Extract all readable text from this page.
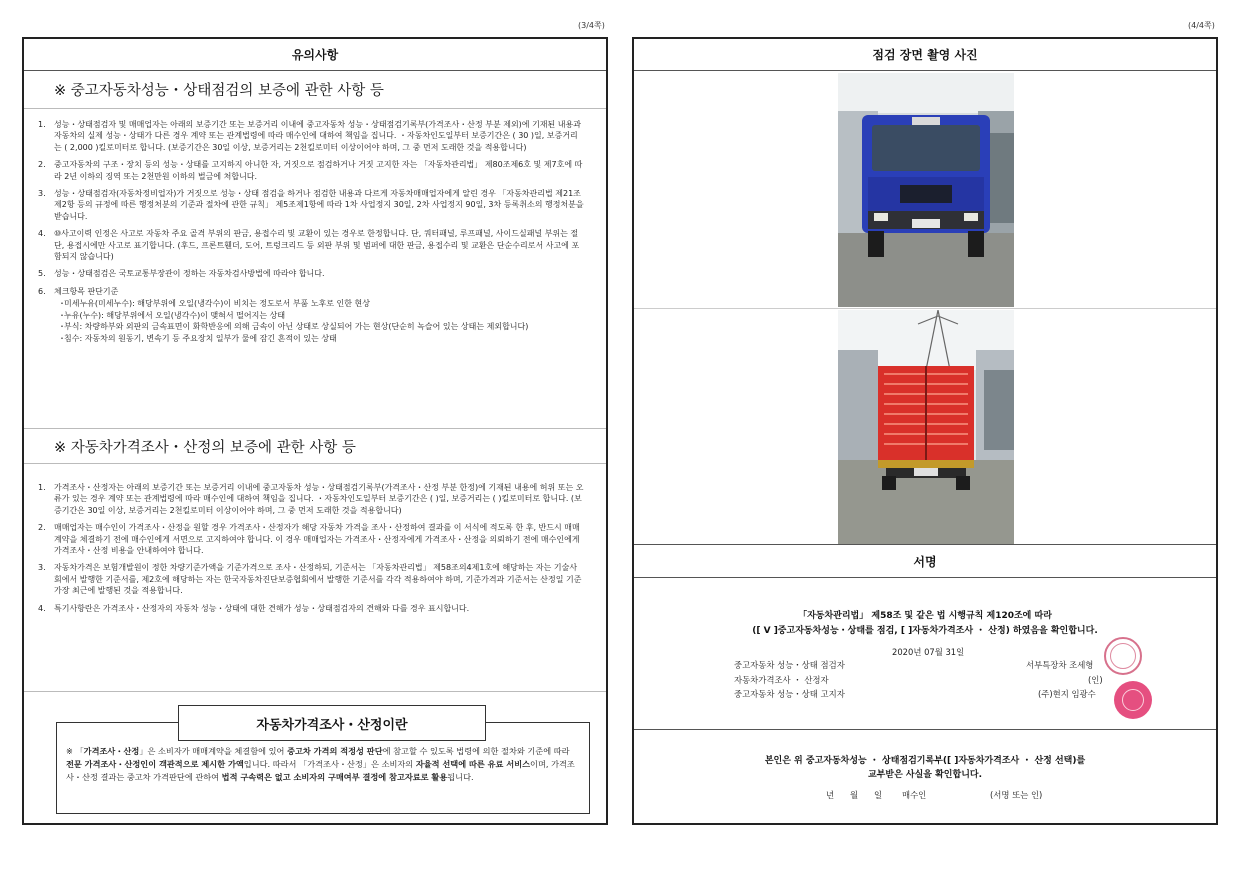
(3/4쪽)	(4/4쪽)
유의사항
※ 중고자동차성능・상태점검의 보증에 관한 사항 등
1.	성능・상태점검자 및 매매업자는 아래의 보증기간 또는 보증거리 이내에 중고자동차 성능・상태점검기록부(가격조사・산정 부분 제외)에 기재된 내용과 자동차의 실제 성능・상태가 다른 경우 계약 또는 관계법령에 따라 매수인에 대하여 책임을 집니다. ・자동차인도일부터 보증기간은 ( 30 )일, 보증거리는 ( 2,000 )킬로미터로 합니다. (보증기간은 30일 이상, 보증거리는 2천킬로미터 이상이어야 하며, 그 중 먼저 도래한 것을 적용합니다)
2.	중고자동차의 구조・장치 등의 성능・상태를 고지하지 아니한 자, 거짓으로 점검하거나 거짓 고지한 자는 「자동차관리법」 제80조제6호 및 제7호에 따라 2년 이하의 징역 또는 2천만원 이하의 벌금에 처합니다.
3.	성능・상태점검자(자동차정비업자)가 거짓으로 성능・상태 점검을 하거나 점검한 내용과 다르게 자동차매매업자에게 알린 경우 「자동차관리법 제21조제2항 등의 규정에 따른 행정처분의 기준과 절차에 관한 규칙」 제5조제1항에 따라 1차 사업정지 30일, 2차 사업정지 90일, 3차 등록취소의 행정처분을 받습니다.
4.	⑩사고이력 인정은 사고로 자동차 주요 골격 부위의 판금, 용접수리 및 교환이 있는 경우로 한정합니다. 단, 쿼터패널, 루프패널, 사이드실패널 부위는 절단, 용접시에만 사고로 표기합니다. (후드, 프론트휀더, 도어, 트렁크리드 등 외판 부위 및 범퍼에 대한 판금, 용접수리 및 교환은 단순수리로서 사고에 포함되지 않습니다)
5.	성능・상태점검은 국토교통부장관이 정하는 자동차검사방법에 따라야 합니다.
6.	체크항목 판단기준
・
미세누유(미세누수): 해당부위에 오일(냉각수)이 비치는 정도로서 부품 노후로 인한 현상
・
누유(누수): 해당부위에서 오일(냉각수)이 맺혀서 떨어지는 상태
・
부식: 차량하부와 외판의 금속표면이 화학반응에 의해 금속이 아닌 상태로 상실되어 가는 현상(단순히 녹슬어 있는 상태는 제외합니다)
・
침수: 자동차의 원동기, 변속기 등 주요장치 일부가 물에 잠긴 흔적이 있는 상태
※ 자동차가격조사・산정의 보증에 관한 사항 등
1.	가격조사・산정자는 아래의 보증기간 또는 보증거리 이내에 중고자동차 성능・상태점검기록부(가격조사・산정 부분 한정)에 기재된 내용에 허위 또는 오류가 있는 경우 계약 또는 관계법령에 따라 매수인에 대하여 책임을 집니다. ・자동차인도일부터 보증기간은 ( )일, 보증거리는 ( )킬로미터로 합니다. (보증기간은 30일 이상, 보증거리는 2천킬로미터 이상이어야 하며, 그 중 먼저 도래한 것을 적용합니다)
2.	매매업자는 매수인이 가격조사・산정을 원할 경우 가격조사・산정자가 해당 자동차 가격을 조사・산정하여 결과를 이 서식에 적도록 한 후, 반드시 매매계약을 체결하기 전에 매수인에게 서면으로 고지하여야 합니다. 이 경우 매매업자는 가격조사・산정자에게 가격조사・산정을 의뢰하기 전에 매수인에게 가격조사・산정 비용을 안내하여야 합니다.
3.	자동차가격은 보험개발원이 정한 차량기준가액을 기준가격으로 조사・산정하되, 기준서는 「자동차관리법」 제58조의4제1호에 해당하는 자는 기술사회에서 발행한 기준서를, 제2호에 해당하는 자는 한국자동차진단보증협회에서 발행한 기준서를 각각 적용하여야 하며, 기준가격과 기준서는 산정일 기준 가장 최근에 발행된 것을 적용합니다.
4.	특기사항란은 가격조사・산정자의 자동차 성능・상태에 대한 견해가 성능・상태점검자의 견해와 다를 경우 표시합니다.
자동차가격조사・산정이란
※ 「가격조사・산정」은 소비자가 매매계약을 체결함에 있어 중고차 가격의 적정성 판단에 참고할 수 있도록 법령에 의한 절차와 기준에 따라 전문 가격조사・산정인이 객관적으로 제시한 가액입니다. 따라서 「가격조사・산정」은 소비자의 자율적 선택에 따른 유료 서비스이며, 가격조사・산정 결과는 중고차 가격판단에 관하여 법적 구속력은 없고 소비자의 구매여부 결정에 참고자료로 활용됩니다.
점검 장면 촬영 사진
서명
「자동차관리법」 제58조 및 같은 법 시행규칙 제120조에 따라
([ V ]중고자동차성능・상태를 점검, [ ]자동차가격조사 ・ 산정) 하였음을 확인합니다.
2020년 07월 31일
중고자동차 성능・상태 점검자	서부특장차 조세형
자동차가격조사 ・ 산정자	(인)
중고자동차 성능・상태 고지자	(주)현지 임광수
본인은 위 중고자동차성능 ・ 상태점검기록부([ ]자동차가격조사 ・ 산정 선택)를
교부받은 사실을 확인합니다.
년 월 일 매수인	(서명 또는 인)
